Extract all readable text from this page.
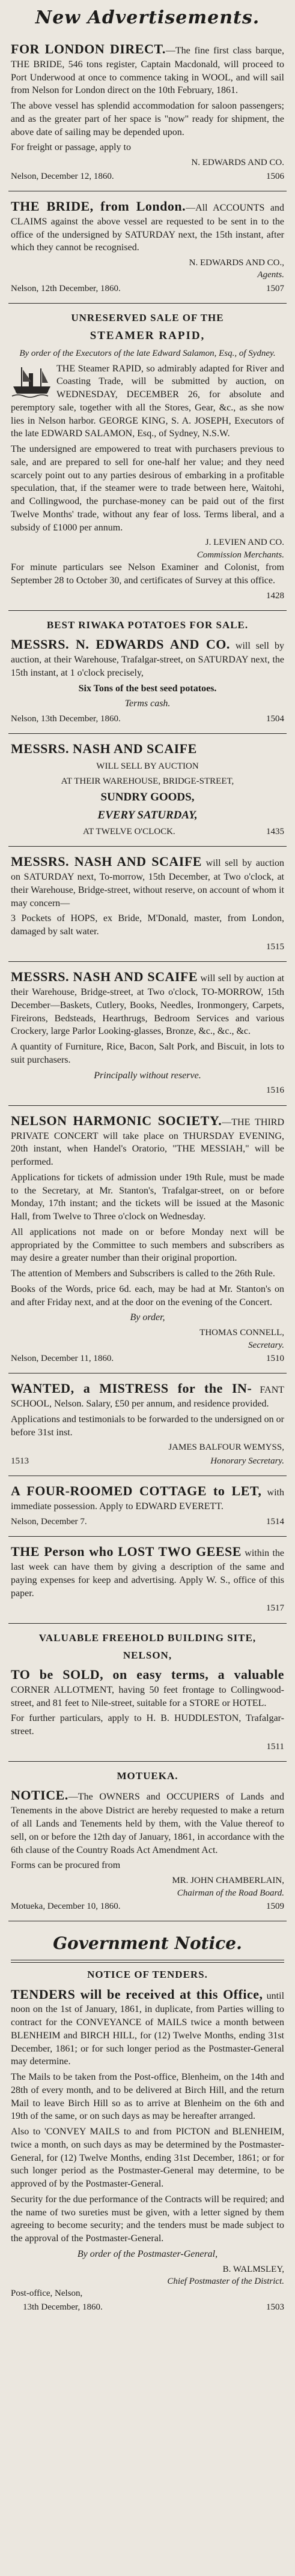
New Advertisements.

FOR LONDON DIRECT.—The fine first class barque, THE BRIDE, 546 tons register, Captain Macdonald, will proceed to Port Underwood at once to commence taking in WOOL, and will sail from Nelson for London direct on the 10th February, 1861.

The above vessel has splendid accommodation for saloon passengers; and as the greater part of her space is "now" ready for shipment, the above date of sailing may be depended upon.

For freight or passage, apply to

N. EDWARDS AND CO.
Nelson, December 12, 1860.	1506

THE BRIDE, from London.—All ACCOUNTS and CLAIMS against the above vessel are requested to be sent in to the office of the undersigned by SATURDAY next, the 15th instant, after which they cannot be recognised.

N. EDWARDS AND CO.,
Agents.
Nelson, 12th December, 1860.	1507
UNRESERVED SALE OF THE
STEAMER RAPID,

By order of the Executors of the late Edward Salamon, Esq., of Sydney.

THE Steamer RAPID, so admirably adapted for River and Coasting Trade, will be submitted by auction, on WEDNESDAY, DECEMBER 26, for absolute and peremptory sale, together with all the Stores, Gear, &c., as she now lies in Nelson harbor. GEORGE KING, S. A. JOSEPH, Executors of the late EDWARD SALAMON, Esq., of Sydney, N.S.W.

The undersigned are empowered to treat with purchasers previous to sale, and are prepared to sell for one-half her value; and they need scarcely point out to any parties desirous of embarking in a profitable speculation, that, if the steamer were to trade between here, Waitohi, and Collingwood, the purchase-money can be paid out of the first Twelve Months' trade, without any fear of loss. Terms liberal, and a subsidy of £1000 per annum.

J. LEVIEN AND CO.
Commission Merchants.

For minute particulars see Nelson Examiner and Colonist, from September 28 to October 30, and certificates of Survey at this office.

1428
BEST RIWAKA POTATOES FOR SALE.

MESSRS. N. EDWARDS AND CO. will sell by auction, at their Warehouse, Trafalgar-street, on SATURDAY next, the 15th instant, at 1 o'clock precisely,

Six Tons of the best seed potatoes.

Terms cash.

Nelson, 13th December, 1860.	1504

MESSRS. NASH AND SCAIFE

WILL SELL BY AUCTION

AT THEIR WAREHOUSE, BRIDGE-STREET,

SUNDRY GOODS,

EVERY SATURDAY,

AT TWELVE O'CLOCK.	1435

MESSRS. NASH AND SCAIFE will sell by auction on SATURDAY next, To-morrow, 15th December, at Two o'clock, at their Warehouse, Bridge-street, without reserve, on account of whom it may concern—

3 Pockets of HOPS, ex Bride, M'Donald, master, from London, damaged by salt water.

1515

MESSRS. NASH AND SCAIFE will sell by auction at their Warehouse, Bridge-street, at Two o'clock, TO-MORROW, 15th December—Baskets, Cutlery, Books, Needles, Ironmongery, Carpets, Fireirons, Bedsteads, Hearthrugs, Bedroom Services and various Crockery, large Parlor Looking-glasses, Bronze, &c., &c., &c.

A quantity of Furniture, Rice, Bacon, Salt Pork, and Biscuit, in lots to suit purchasers.

Principally without reserve.

1516

NELSON HARMONIC SOCIETY.—THE THIRD PRIVATE CONCERT will take place on THURSDAY EVENING, 20th instant, when Handel's Oratorio, "THE MESSIAH," will be performed.

Applications for tickets of admission under 19th Rule, must be made to the Secretary, at Mr. Stanton's, Trafalgar-street, on or before Monday, 17th instant; and the tickets will be issued at the Masonic Hall, from Twelve to Three o'clock on Wednesday.

All applications not made on or before Monday next will be appropriated by the Committee to such members and subscribers as may desire a greater number than their original proportion.

The attention of Members and Subscribers is called to the 26th Rule.

Books of the Words, price 6d. each, may be had at Mr. Stanton's on and after Friday next, and at the door on the evening of the Concert.

By order,

THOMAS CONNELL,
Secretary.
Nelson, December 11, 1860.	1510

WANTED, a MISTRESS for the IN- FANT SCHOOL, Nelson. Salary, £50 per annum, and residence provided.

Applications and testimonials to be forwarded to the undersigned on or before 31st inst.

JAMES BALFOUR WEMYSS,
1513	Honorary Secretary.

A FOUR-ROOMED COTTAGE to LET, with immediate possession. Apply to EDWARD EVERETT.

Nelson, December 7.	1514

THE Person who LOST TWO GEESE within the last week can have them by giving a description of the same and paying expenses for keep and advertising. Apply W. S., office of this paper.

1517
VALUABLE FREEHOLD BUILDING SITE,
NELSON,

TO be SOLD, on easy terms, a valuable CORNER ALLOTMENT, having 50 feet frontage to Collingwood-street, and 81 feet to Nile-street, suitable for a STORE or HOTEL.

For further particulars, apply to H. B. HUDDLESTON, Trafalgar-street.

1511
MOTUEKA.

NOTICE.—The OWNERS and OCCUPIERS of Lands and Tenements in the above District are hereby requested to make a return of all Lands and Tenements held by them, with the Value thereof to sell, on or before the 12th day of January, 1861, in accordance with the 6th clause of the Country Roads Act Amendment Act.

Forms can be procured from

MR. JOHN CHAMBERLAIN,
Chairman of the Road Board.
Motueka, December 10, 1860.	1509
Government Notice.
NOTICE OF TENDERS.

TENDERS will be received at this Office, until noon on the 1st of January, 1861, in duplicate, from Parties willing to contract for the CONVEYANCE of MAILS twice a month between BLENHEIM and BIRCH HILL, for (12) Twelve Months, ending 31st December, 1861; or for such longer period as the Postmaster-General may determine.

The Mails to be taken from the Post-office, Blenheim, on the 14th and 28th of every month, and to be delivered at Birch Hill, and the return Mail to leave Birch Hill so as to arrive at Blenheim on the 6th and 19th of the same, or on such days as may be hereafter arranged.

Also to 'CONVEY MAILS to and from PICTON and BLENHEIM, twice a month, on such days as may be determined by the Postmaster-General, for (12) Twelve Months, ending 31st December, 1861; or for such longer period as the Postmaster-General may determine, to be approved of by the Postmaster-General.

Security for the due performance of the Contracts will be required; and the name of two sureties must be given, with a letter signed by them agreeing to become security; and the tenders must be made subject to the approval of the Postmaster-General.

By order of the Postmaster-General,

B. WALMSLEY,
Chief Postmaster of the District.
Post-office, Nelson,
13th December, 1860.	1503
